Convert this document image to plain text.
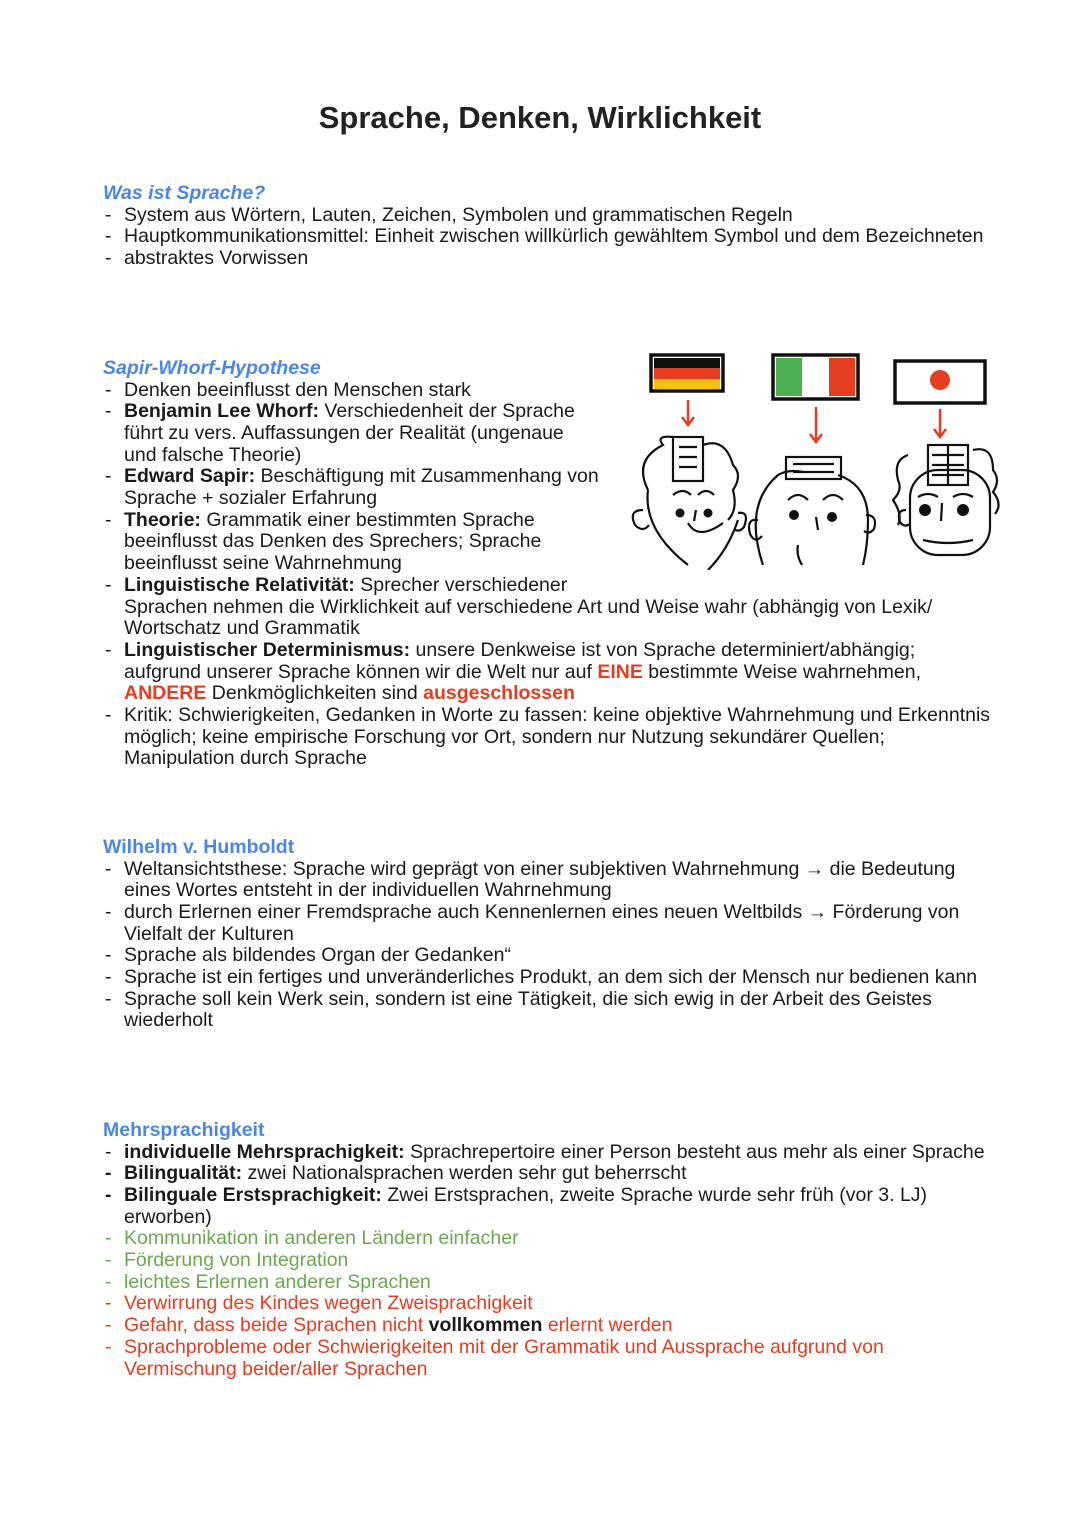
Sprache, Denken, Wirklichkeit
Was ist Sprache?
- System aus Wörtern, Lauten, Zeichen, Symbolen und grammatischen Regeln
- Hauptkommunikationsmittel: Einheit zwischen willkürlich gewähltem Symbol und dem Bezeichneten
- abstraktes Vorwissen
Sapir-Whorf-Hypothese
- Denken beeinflusst den Menschen stark
- Benjamin Lee Whorf: Verschiedenheit der Sprache führt zu vers. Auffassungen der Realität (ungenaue und falsche Theorie)
- Edward Sapir: Beschäftigung mit Zusammenhang von Sprache + sozialer Erfahrung
- Theorie: Grammatik einer bestimmten Sprache beeinflusst das Denken des Sprechers; Sprache beeinflusst seine Wahrnehmung
- Linguistische Relativität: Sprecher verschiedener
Sprachen nehmen die Wirklichkeit auf verschiedene Art und Weise wahr (abhängig von Lexik/ Wortschatz und Grammatik
- Linguistischer Determinismus: unsere Denkweise ist von Sprache determiniert/abhängig; aufgrund unserer Sprache können wir die Welt nur auf EINE bestimmte Weise wahrnehmen, ANDERE Denkmöglichkeiten sind ausgeschlossen
- Kritik: Schwierigkeiten, Gedanken in Worte zu fassen: keine objektive Wahrnehmung und Erkenntnis möglich; keine empirische Forschung vor Ort, sondern nur Nutzung sekundärer Quellen; Manipulation durch Sprache
Wilhelm v. Humboldt
- Weltansichtsthese: Sprache wird geprägt von einer subjektiven Wahrnehmung → die Bedeutung eines Wortes entsteht in der individuellen Wahrnehmung
- durch Erlernen einer Fremdsprache auch Kennenlernen eines neuen Weltbilds → Förderung von Vielfalt der Kulturen
- Sprache als bildendes Organ der Gedanken“
- Sprache ist ein fertiges und unveränderliches Produkt, an dem sich der Mensch nur bedienen kann
- Sprache soll kein Werk sein, sondern ist eine Tätigkeit, die sich ewig in der Arbeit des Geistes wiederholt
Mehrsprachigkeit
- individuelle Mehrsprachigkeit: Sprachrepertoire einer Person besteht aus mehr als einer Sprache
- Bilingualität: zwei Nationalsprachen werden sehr gut beherrscht
- Bilinguale Erstsprachigkeit: Zwei Erstsprachen, zweite Sprache wurde sehr früh (vor 3. LJ) erworben)
- Kommunikation in anderen Ländern einfacher
- Förderung von Integration
- leichtes Erlernen anderer Sprachen
- Verwirrung des Kindes wegen Zweisprachigkeit
- Gefahr, dass beide Sprachen nicht vollkommen erlernt werden
- Sprachprobleme oder Schwierigkeiten mit der Grammatik und Aussprache aufgrund von Vermischung beider/aller Sprachen
